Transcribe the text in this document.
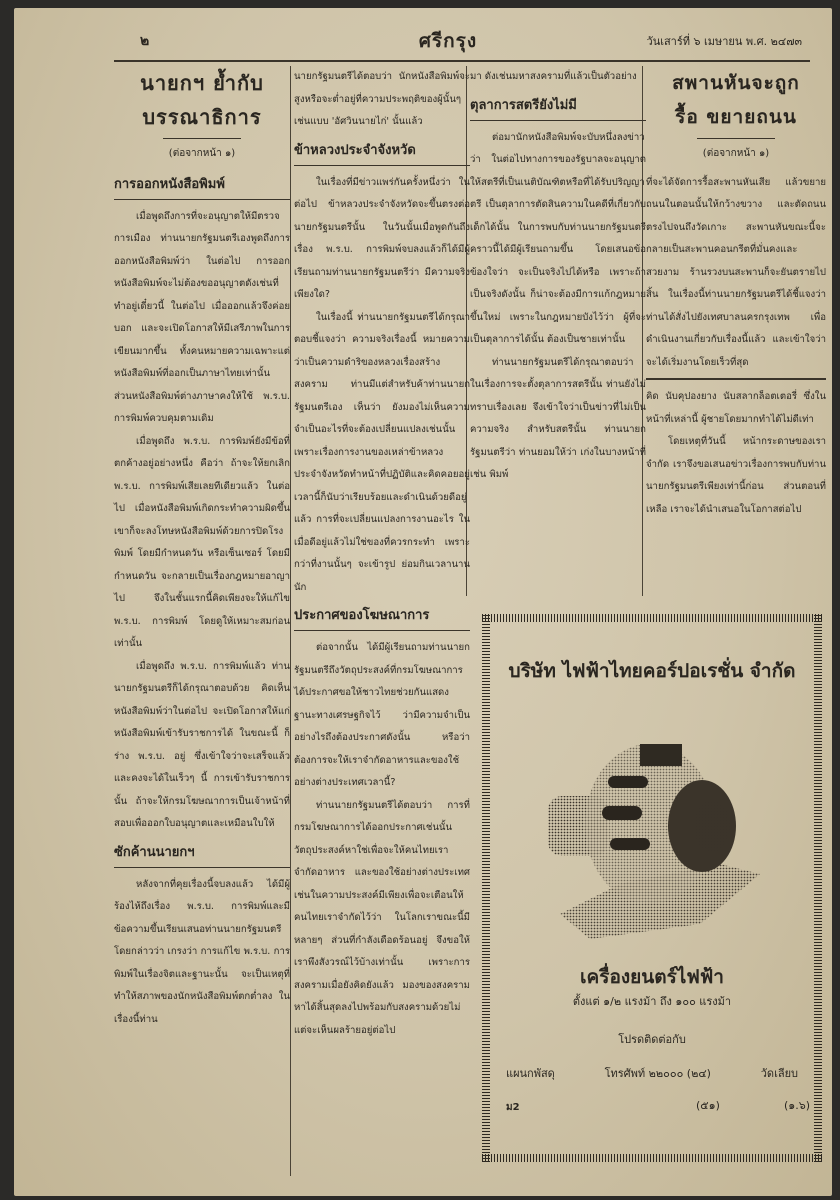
๒	ศรีกรุง	วันเสาร์ที่ ๖ เมษายน พ.ศ. ๒๔๗๓
นายกฯ ย้ำกับ
บรรณาธิการ
(ต่อจากหน้า ๑)
การออกหนังสือพิมพ์

เมื่อพูดถึงการที่จะอนุญาตให้มีตรวจการเมือง ท่านนายกรัฐมนตรีเองพูดถึงการออกหนังสือพิมพ์ว่า ในต่อไป การออกหนังสือพิมพ์จะไม่ต้องขออนุญาตดังเช่นที่ทำอยู่เดี๋ยวนี้ ในต่อไป เมื่อออกแล้วจึงค่อยบอก และจะเปิดโอกาสให้มีเสรีภาพในการเขียนมากขึ้น ทั้งคนหมายความเฉพาะแต่หนังสือพิมพ์ที่ออกเป็นภาษาไทยเท่านั้น ส่วนหนังสือพิมพ์ต่างภาษาคงให้ใช้ พ.ร.บ. การพิมพ์ควบคุมตามเดิม

เมื่อพูดถึง พ.ร.บ. การพิมพ์ยังมีข้อที่ตกค้างอยู่อย่างหนึ่ง คือว่า ถ้าจะให้ยกเลิก พ.ร.บ. การพิมพ์เสียเลยทีเดียวแล้ว ในต่อไป เมื่อหนังสือพิมพ์เกิดกระทำความผิดขึ้นเขาก็จะลงโทษหนังสือพิมพ์ด้วยการปิดโรงพิมพ์ โดยมีกำหนดวัน หรือเซ็นเซอร์ โดยมีกำหนดวัน จะกลายเป็นเรื่องกฎหมายอาญาไป จึงในชั้นแรกนี้คิดเพียงจะให้แก้ไข พ.ร.บ. การพิมพ์ โดยดูให้เหมาะสมก่อนเท่านั้น

เมื่อพูดถึง พ.ร.บ. การพิมพ์แล้ว ท่านนายกรัฐมนตรีก็ได้กรุณาตอบด้วย คิดเห็นหนังสือพิมพ์ว่าในต่อไป จะเปิดโอกาสให้แก่หนังสือพิมพ์เข้ารับราชการได้ ในขณะนี้ ก็ร่าง พ.ร.บ. อยู่ ซึ่งเข้าใจว่าจะเสร็จแล้ว และคงจะได้ในเร็วๆ นี้ การเข้ารับราชการนั้น ถ้าจะให้กรมโฆษณาการเป็นเจ้าหน้าที่สอบเพื่อออกใบอนุญาตและเหมือนใบให้

ซักค้านนายกฯ

หลังจากที่คุยเรื่องนี้จบลงแล้ว ได้มีผู้ร้องไห้ถึงเรื่อง พ.ร.บ. การพิมพ์และมีข้อความขึ้นเรียนเสนอท่านนายกรัฐมนตรีโดยกล่าวว่า เกรงว่า การแก้ไข พ.ร.บ. การพิมพ์ในเรื่องจิตและฐานะนั้น จะเป็นเหตุที่ทำให้สภาพของนักหนังสือพิมพ์ตกต่ำลง ในเรื่องนี้ท่าน

นายกรัฐมนตรีได้ตอบว่า นักหนังสือพิมพ์จะสูงหรือจะต่ำอยู่ที่ความประพฤติของผู้นั้นๆ เช่นแบบ 'อัศวินนายไก่' นั้นแล้ว

ข้าหลวงประจำจังหวัด

ในเรื่องที่มีข่าวแพร่กันครั้งหนึ่งว่า ในต่อไป ข้าหลวงประจำจังหวัดจะขึ้นตรงต่อนายกรัฐมนตรีนั้น ในวันนั้นเมื่อพูดกันถึงเรื่อง พ.ร.บ. การพิมพ์จบลงแล้วก็ได้มีผู้เรียนถามท่านนายกรัฐมนตรีว่า มีความจริงเพียงใด?

ในเรื่องนี้ ท่านนายกรัฐมนตรีได้กรุณาตอบชี้แจงว่า ความจริงเรื่องนี้ หมายความว่าเป็นความดำริของหลวงเรื่องสร้างสงคราม ท่านมีแต่สำหรับค้าท่านนายกรัฐมนตรีเอง เห็นว่า ยังมองไม่เห็นความจำเป็นอะไรที่จะต้องเปลี่ยนแปลงเช่นนั้น เพราะเรื่องการงานของเหล่าข้าหลวงประจำจังหวัดทำหน้าที่ปฏิบัติและคิดคอยอยู่เวลานี้ก็นับว่าเรียบร้อยและดำเนินด้วยดีอยู่แล้ว การที่จะเปลี่ยนแปลงการงานอะไร ในเมื่อดีอยู่แล้วไม่ใช่ของที่ควรกระทำ เพราะกว่าที่งานนั้นๆ จะเข้ารูป ย่อมกินเวลานานนัก

ประกาศของโฆษณาการ

ต่อจากนั้น ได้มีผู้เรียนถามท่านนายกรัฐมนตรีถึงวัตถุประสงค์ที่กรมโฆษณาการได้ประกาศขอให้ชาวไทยช่วยกันแสดงฐานะทางเศรษฐกิจไว้ ว่ามีความจำเป็นอย่างไรถึงต้องประกาศดังนั้น หรือว่าต้องการจะให้เราจำกัดอาหารและของใช้อย่างต่างประเทศเวลานี้?

ท่านนายกรัฐมนตรีได้ตอบว่า การที่กรมโฆษณาการได้ออกประกาศเช่นนั้น วัตถุประสงค์หาใช่เพื่อจะให้คนไทยเราจำกัดอาหาร และของใช้อย่างต่างประเทศเช่นในความประสงค์มีเพียงเพื่อจะเตือนให้คนไทยเราจำกัดไว้ว่า ในโลกเราขณะนี้มีหลายๆ ส่วนที่กำลังเดือดร้อนอยู่ จึงขอให้เราพึงสังวรณ์ไว้บ้างเท่านั้น เพราะการสงครามเมื่อยังคิดยังแล้ว มองของสงครามหาได้สิ้นสุดลงไปพร้อมกับสงครามด้วยไม่ แต่จะเห็นผลร้ายอยู่ต่อไป

มา ดังเช่นมหาสงครามที่แล้วเป็นตัวอย่าง

ตุลาการสตรียังไม่มี

ต่อมานักหนังสือพิมพ์จะบับหนึ่งลงข่าวว่า ในต่อไปทางการของรัฐบาลจะอนุญาตให้สตรีที่เป็นเนติบัณฑิตหรือที่ได้รับปริญญาตรี เป็นตุลาการตัดสินความในคดีที่เกี่ยวกับเด็กได้นั้น ในการพบกับท่านนายกรัฐมนตรีคราวนี้ได้มีผู้เรียนถามขึ้น โดยเสนอข้อข้องใจว่า จะเป็นจริงไปได้หรือ เพราะถ้าเป็นจริงดังนั้น ก็น่าจะต้องมีการแก้กฎหมายขึ้นใหม่ เพราะในกฎหมายบังไว้ว่า ผู้ที่จะเป็นตุลาการได้นั้น ต้องเป็นชายเท่านั้น

ท่านนายกรัฐมนตรีได้กรุณาตอบว่า ในเรื่องการจะตั้งตุลาการสตรีนั้น ท่านยังไม่ทราบเรื่องเลย จึงเข้าใจว่าเป็นข่าวที่ไม่เป็นความจริง สำหรับสตรีนั้น ท่านนายกรัฐมนตรีว่า ท่านยอมให้ว่า เก่งในบางหน้าที่เช่น พิมพ์

สพานหันจะถูก
รื้อ ขยายถนน
(ต่อจากหน้า ๑)

ที่จะได้จัดการรื้อสะพานหันเสีย แล้วขยายถนนในตอนนั้นให้กว้างขวาง และตัดถนนตรงไปจนถึงวัดเกาะ สะพานหันขณะนี้จะกลายเป็นสะพานคอนกรีตที่มั่นคงและสวยงาม ร้านรวงบนสะพานก็จะยันตรายไปสิ้น ในเรื่องนี้ท่านนายกรัฐมนตรีได้ชี้แจงว่า ท่านได้สั่งไปยังเทศบาลนครกรุงเทพ เพื่อดำเนินงานเกี่ยวกับเรื่องนี้แล้ว และเข้าใจว่าจะได้เริ่มงานโดยเร็วที่สุด

คิด นับคุปองยาง นับสลากล็อตเตอรี่ ซึ่งในหน้าที่เหล่านี้ ผู้ชายโดยมากทำได้ไม่ดีเท่า

โดยเหตุที่วันนี้ หน้ากระดาษของเราจำกัด เราจึงขอเสนอข่าวเรื่องการพบกับท่านนายกรัฐมนตรีเพียงเท่านี้ก่อน ส่วนตอนที่เหลือ เราจะได้นำเสนอในโอกาสต่อไป

บริษัท ไฟฟ้าไทยคอร์ปอเรชั่น จำกัด
เครื่องยนตร์ไฟฟ้า
ตั้งแต่ ๑/๒ แรงม้า ถึง ๑๐๐ แรงม้า
โปรดติดต่อกับ
แผนกพัสดุ	โทรศัพท์ ๒๒๐๐๐ (๒๔)	วัดเลียบ
ม2	(๕๑)	(๑.๖)
